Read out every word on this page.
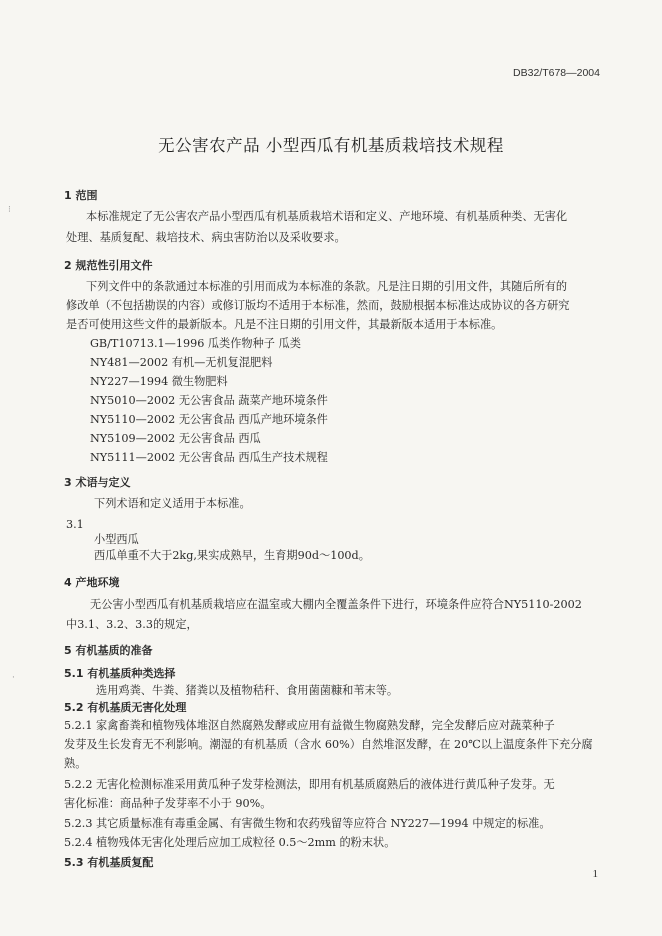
DB32/T678—2004
无公害农产品 小型西瓜有机基质栽培技术规程
⁝
·
1 范围
本标准规定了无公害农产品小型西瓜有机基质栽培术语和定义、产地环境、有机基质种类、无害化
处理、基质复配、栽培技术、病虫害防治以及采收要求。
2 规范性引用文件
下列文件中的条款通过本标准的引用而成为本标准的条款。凡是注日期的引用文件，其随后所有的
修改单（不包括勘误的内容）或修订版均不适用于本标准，然而，鼓励根据本标准达成协议的各方研究
是否可使用这些文件的最新版本。凡是不注日期的引用文件，其最新版本适用于本标准。
GB/T10713.1—1996 瓜类作物种子 瓜类
NY481—2002 有机—无机复混肥料
NY227—1994 微生物肥料
NY5010—2002 无公害食品 蔬菜产地环境条件
NY5110—2002 无公害食品 西瓜产地环境条件
NY5109—2002 无公害食品 西瓜
NY5111—2002 无公害食品 西瓜生产技术规程
3 术语与定义
下列术语和定义适用于本标准。
3.1
小型西瓜
西瓜单重不大于2kg,果实成熟早，生育期90d～100d。
4 产地环境
无公害小型西瓜有机基质栽培应在温室或大棚内全覆盖条件下进行，环境条件应符合NY5110-2002
中3.1、3.2、3.3的规定，
5 有机基质的准备
5.1 有机基质种类选择
选用鸡粪、牛粪、猪粪以及植物秸秆、食用菌菌糠和苇末等。
5.2 有机基质无害化处理
5.2.1 家禽畜粪和植物残体堆沤自然腐熟发酵或应用有益微生物腐熟发酵，完全发酵后应对蔬菜种子
发芽及生长发育无不利影响。潮湿的有机基质（含水 60%）自然堆沤发酵，在 20℃以上温度条件下充分腐
熟。
5.2.2 无害化检测标准采用黄瓜种子发芽检测法，即用有机基质腐熟后的液体进行黄瓜种子发芽。无
害化标准：商品种子发芽率不小于 90%。
5.2.3 其它质量标准有毒重金属、有害微生物和农药残留等应符合 NY227—1994 中规定的标准。
5.2.4 植物残体无害化处理后应加工成粒径 0.5～2mm 的粉末状。
5.3 有机基质复配
1
